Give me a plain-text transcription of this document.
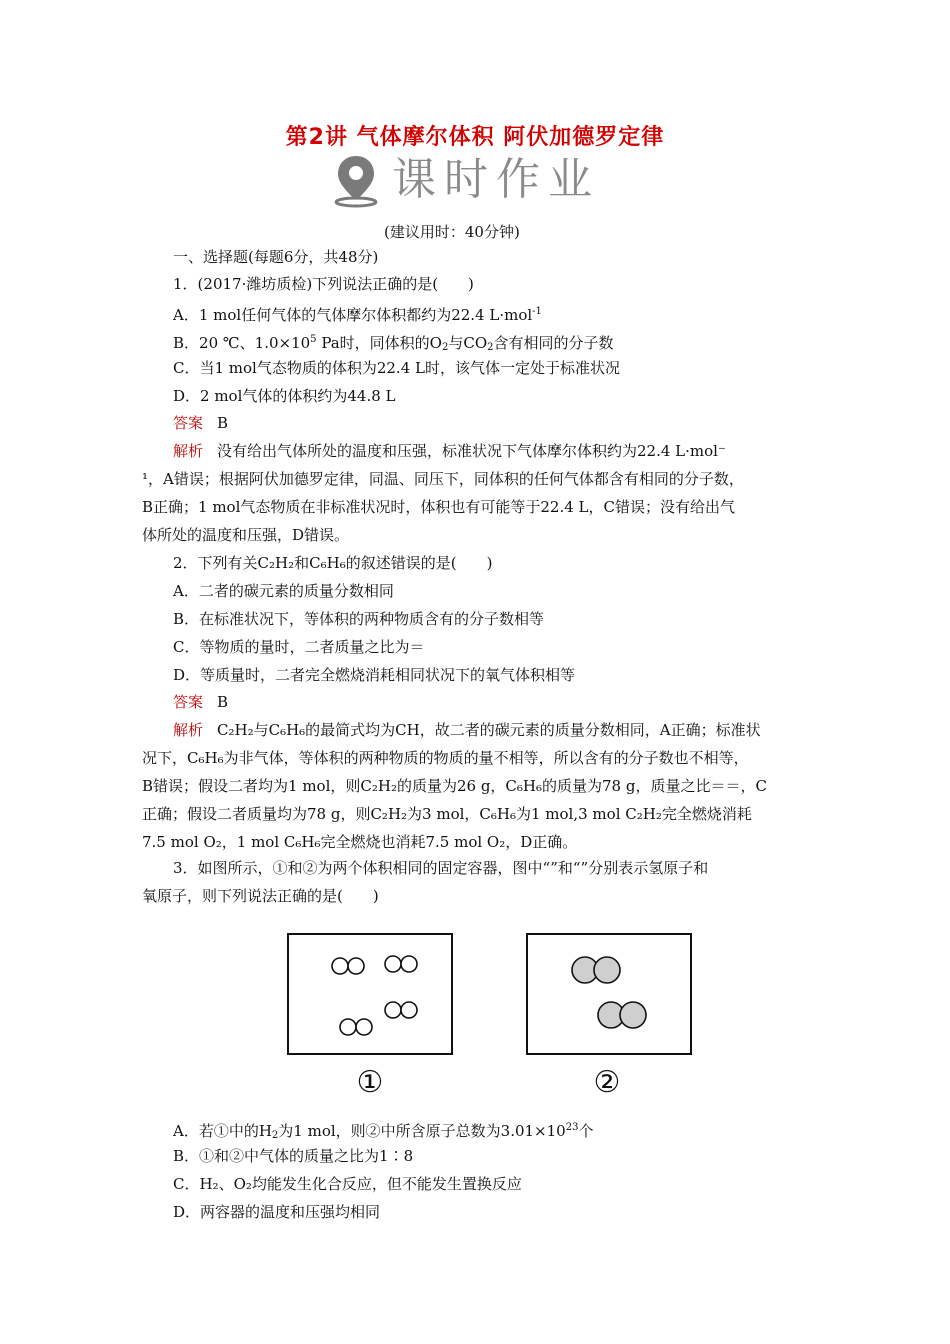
第2讲 气体摩尔体积 阿伏加德罗定律
课时作业
(建议用时：40分钟)
一、选择题(每题6分，共48分)
1．(2017·潍坊质检)下列说法正确的是(　　)
A．1 mol任何气体的气体摩尔体积都约为22.4 L·mol$^{-1}$
B．20 ℃、$1.0\times 10^5$ Pa时，同体积的$O_2$与$CO_2$含有相同的分子数
C．当1 mol气态物质的体积为22.4 L时，该气体一定处于标准状况
D．2 mol气体的体积约为44.8 L
答案 B
解析 没有给出气体所处的温度和压强，标准状况下气体摩尔体积约为22.4 L·mol⁻
¹，A错误；根据阿伏加德罗定律，同温、同压下，同体积的任何气体都含有相同的分子数，
B正确；1 mol气态物质在非标准状况时，体积也有可能等于22.4 L，C错误；没有给出气
体所处的温度和压强，D错误。
2．下列有关C₂H₂和C₆H₆的叙述错误的是(　　)
A．二者的碳元素的质量分数相同
B．在标准状况下，等体积的两种物质含有的分子数相等
C．等物质的量时，二者质量之比为＝
D．等质量时，二者完全燃烧消耗相同状况下的氧气体积相等
答案 B
解析 C₂H₂与C₆H₆的最简式均为CH，故二者的碳元素的质量分数相同，A正确；标准状
况下，C₆H₆为非气体，等体积的两种物质的物质的量不相等，所以含有的分子数也不相等，
B错误；假设二者均为1 mol，则C₂H₂的质量为26 g，C₆H₆的质量为78 g，质量之比＝＝，C
正确；假设二者质量均为78 g，则C₂H₂为3 mol，C₆H₆为1 mol,3 mol C₂H₂完全燃烧消耗
7.5 mol O₂，1 mol C₆H₆完全燃烧也消耗7.5 mol O₂，D正确。
3．如图所示，①和②为两个体积相同的固定容器，图中“”和“”分别表示氢原子和
氧原子，则下列说法正确的是(　　)
①	②
A．若①中的$H_2$为1 mol，则②中所含原子总数为$3.01\times 10^{23}$个
B．①和②中气体的质量之比为1∶8
C．H₂、O₂均能发生化合反应，但不能发生置换反应
D．两容器的温度和压强均相同
